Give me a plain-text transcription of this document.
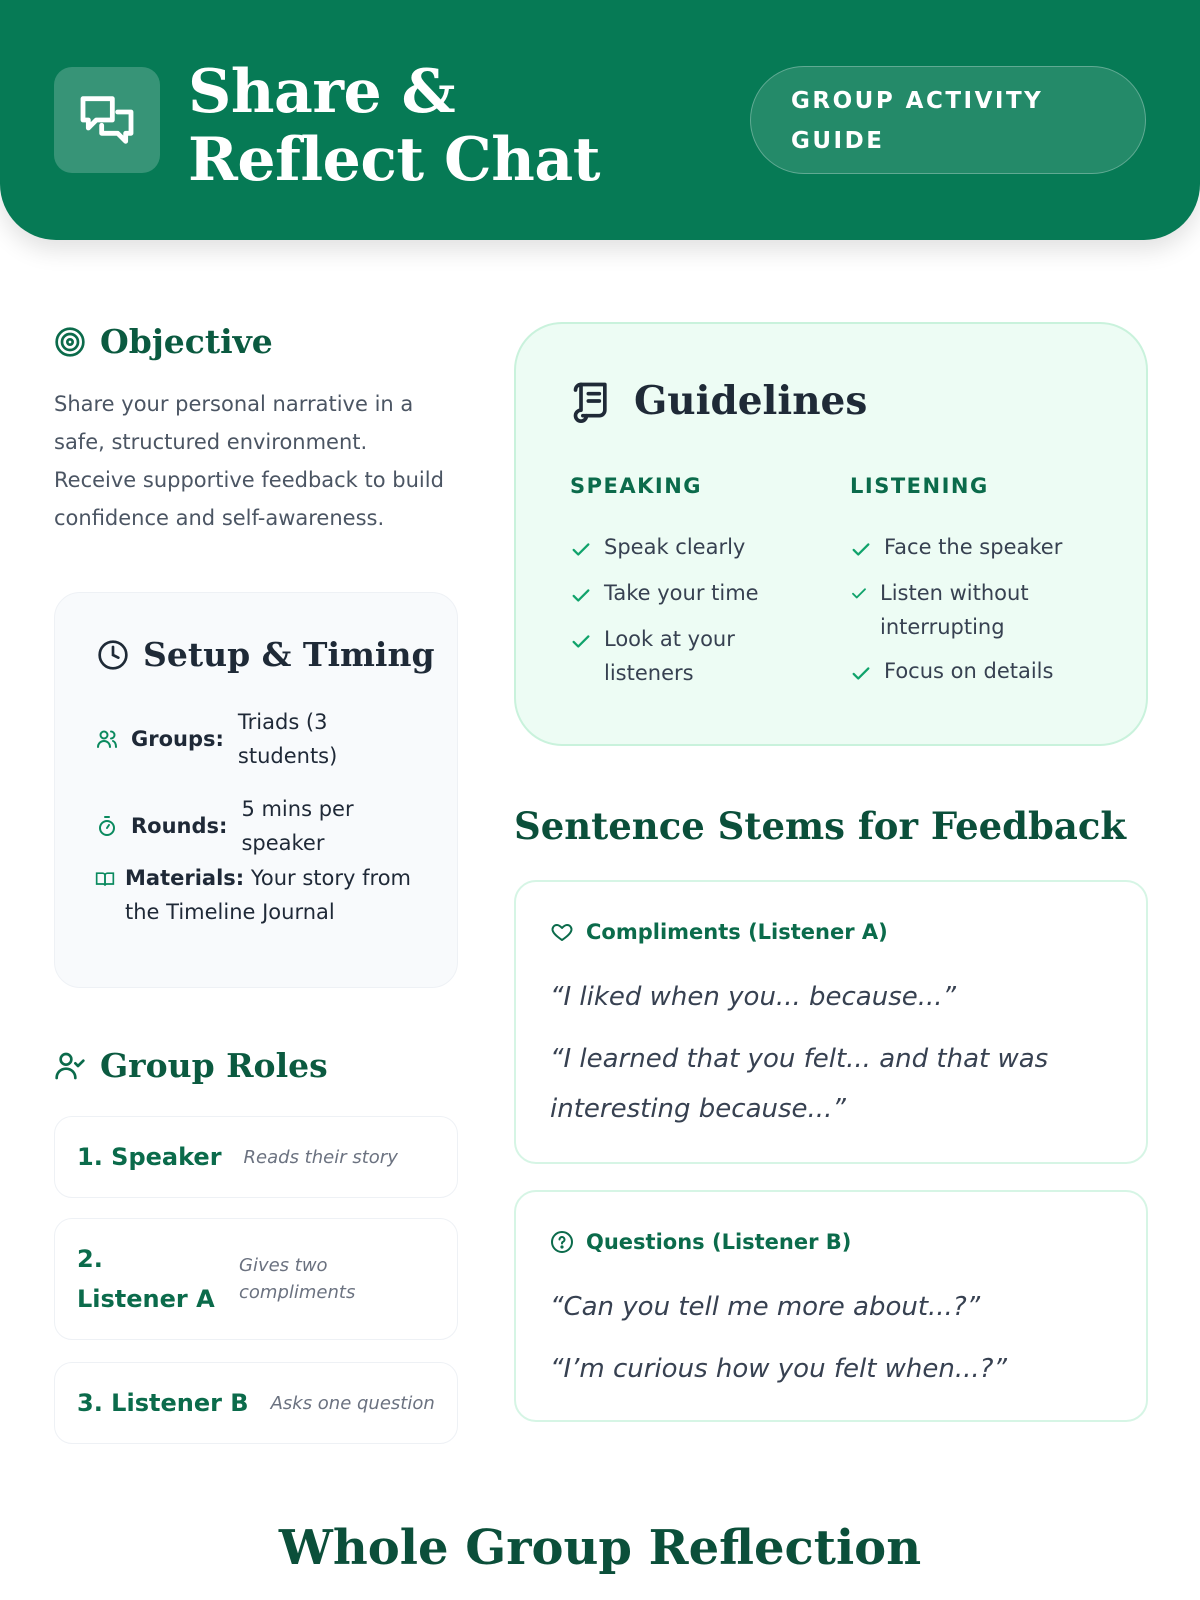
Share & Reflect Chat
GROUP ACTIVITY GUIDE
Objective

Share your personal narrative in a safe, structured environment. Receive supportive feedback to build confidence and self-awareness.

Setup & Timing
Groups:
Triads (3 students)
Rounds:
5 mins per speaker
Materials: Your story from the Timeline Journal
Group Roles
1. Speaker Reads their story
2. Listener A
Gives two compliments
3. Listener B Asks one question
Guidelines
SPEAKING	LISTENING
Speak clearly
Take your time
Look at your listeners
Face the speaker
Listen without interrupting
Focus on details
Sentence Stems for Feedback
Compliments (Listener A)
“I liked when you... because...”
“I learned that you felt... and that was interesting because...”
Questions (Listener B)
“Can you tell me more about...?”
“I’m curious how you felt when...?”
Whole Group Reflection
